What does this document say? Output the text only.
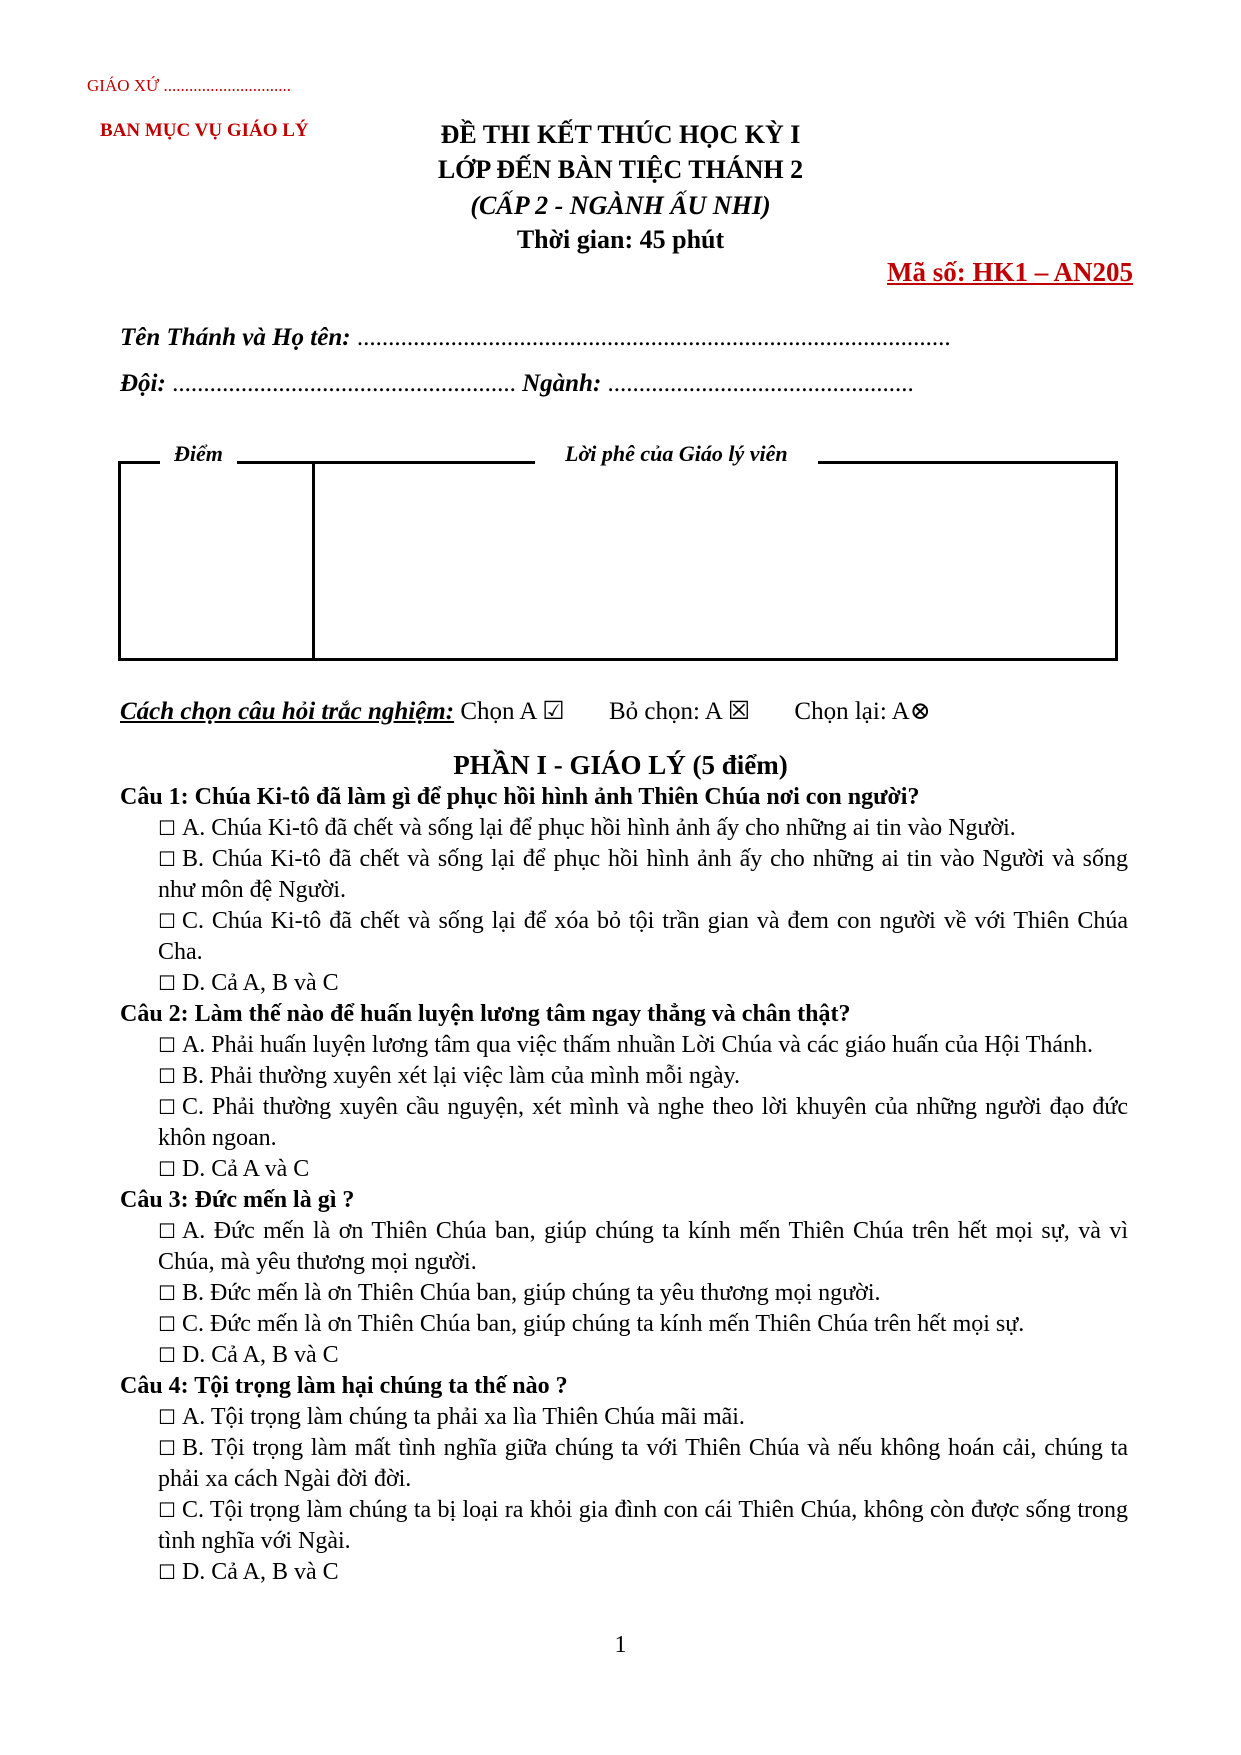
GIÁO XỨ ..............................
BAN MỤC VỤ GIÁO LÝ	ĐỀ THI KẾT THÚC HỌC KỲ I
LỚP ĐẾN BÀN TIỆC THÁNH 2
(CẤP 2 - NGÀNH ẤU NHI)
Thời gian: 45 phút
Mã số: HK1 – AN205
Tên Thánh và Họ tên: ...............................................................................................
Đội: ....................................................... Ngành: .................................................
Điểm	Lời phê của Giáo lý viên
Cách chọn câu hỏi trắc nghiệm: Chọn A ☑ Bỏ chọn: A ☒ Chọn lại: A⊗
PHẦN I - GIÁO LÝ (5 điểm)
Câu 1: Chúa Ki-tô đã làm gì để phục hồi hình ảnh Thiên Chúa nơi con người?
☐ A. Chúa Ki-tô đã chết và sống lại để phục hồi hình ảnh ấy cho những ai tin vào Người.
☐ B. Chúa Ki-tô đã chết và sống lại để phục hồi hình ảnh ấy cho những ai tin vào Người và sống như môn đệ Người.
☐ C. Chúa Ki-tô đã chết và sống lại để xóa bỏ tội trần gian và đem con người về với Thiên Chúa Cha.
☐ D. Cả A, B và C
Câu 2: Làm thế nào để huấn luyện lương tâm ngay thẳng và chân thật?
☐ A. Phải huấn luyện lương tâm qua việc thấm nhuần Lời Chúa và các giáo huấn của Hội Thánh.
☐ B. Phải thường xuyên xét lại việc làm của mình mỗi ngày.
☐ C. Phải thường xuyên cầu nguyện, xét mình và nghe theo lời khuyên của những người đạo đức khôn ngoan.
☐ D. Cả A và C
Câu 3: Đức mến là gì ?
☐ A. Đức mến là ơn Thiên Chúa ban, giúp chúng ta kính mến Thiên Chúa trên hết mọi sự, và vì Chúa, mà yêu thương mọi người.
☐ B. Đức mến là ơn Thiên Chúa ban, giúp chúng ta yêu thương mọi người.
☐ C. Đức mến là ơn Thiên Chúa ban, giúp chúng ta kính mến Thiên Chúa trên hết mọi sự.
☐ D. Cả A, B và C
Câu 4: Tội trọng làm hại chúng ta thế nào ?
☐ A. Tội trọng làm chúng ta phải xa lìa Thiên Chúa mãi mãi.
☐ B. Tội trọng làm mất tình nghĩa giữa chúng ta với Thiên Chúa và nếu không hoán cải, chúng ta phải xa cách Ngài đời đời.
☐ C. Tội trọng làm chúng ta bị loại ra khỏi gia đình con cái Thiên Chúa, không còn được sống trong tình nghĩa với Ngài.
☐ D. Cả A, B và C
1
